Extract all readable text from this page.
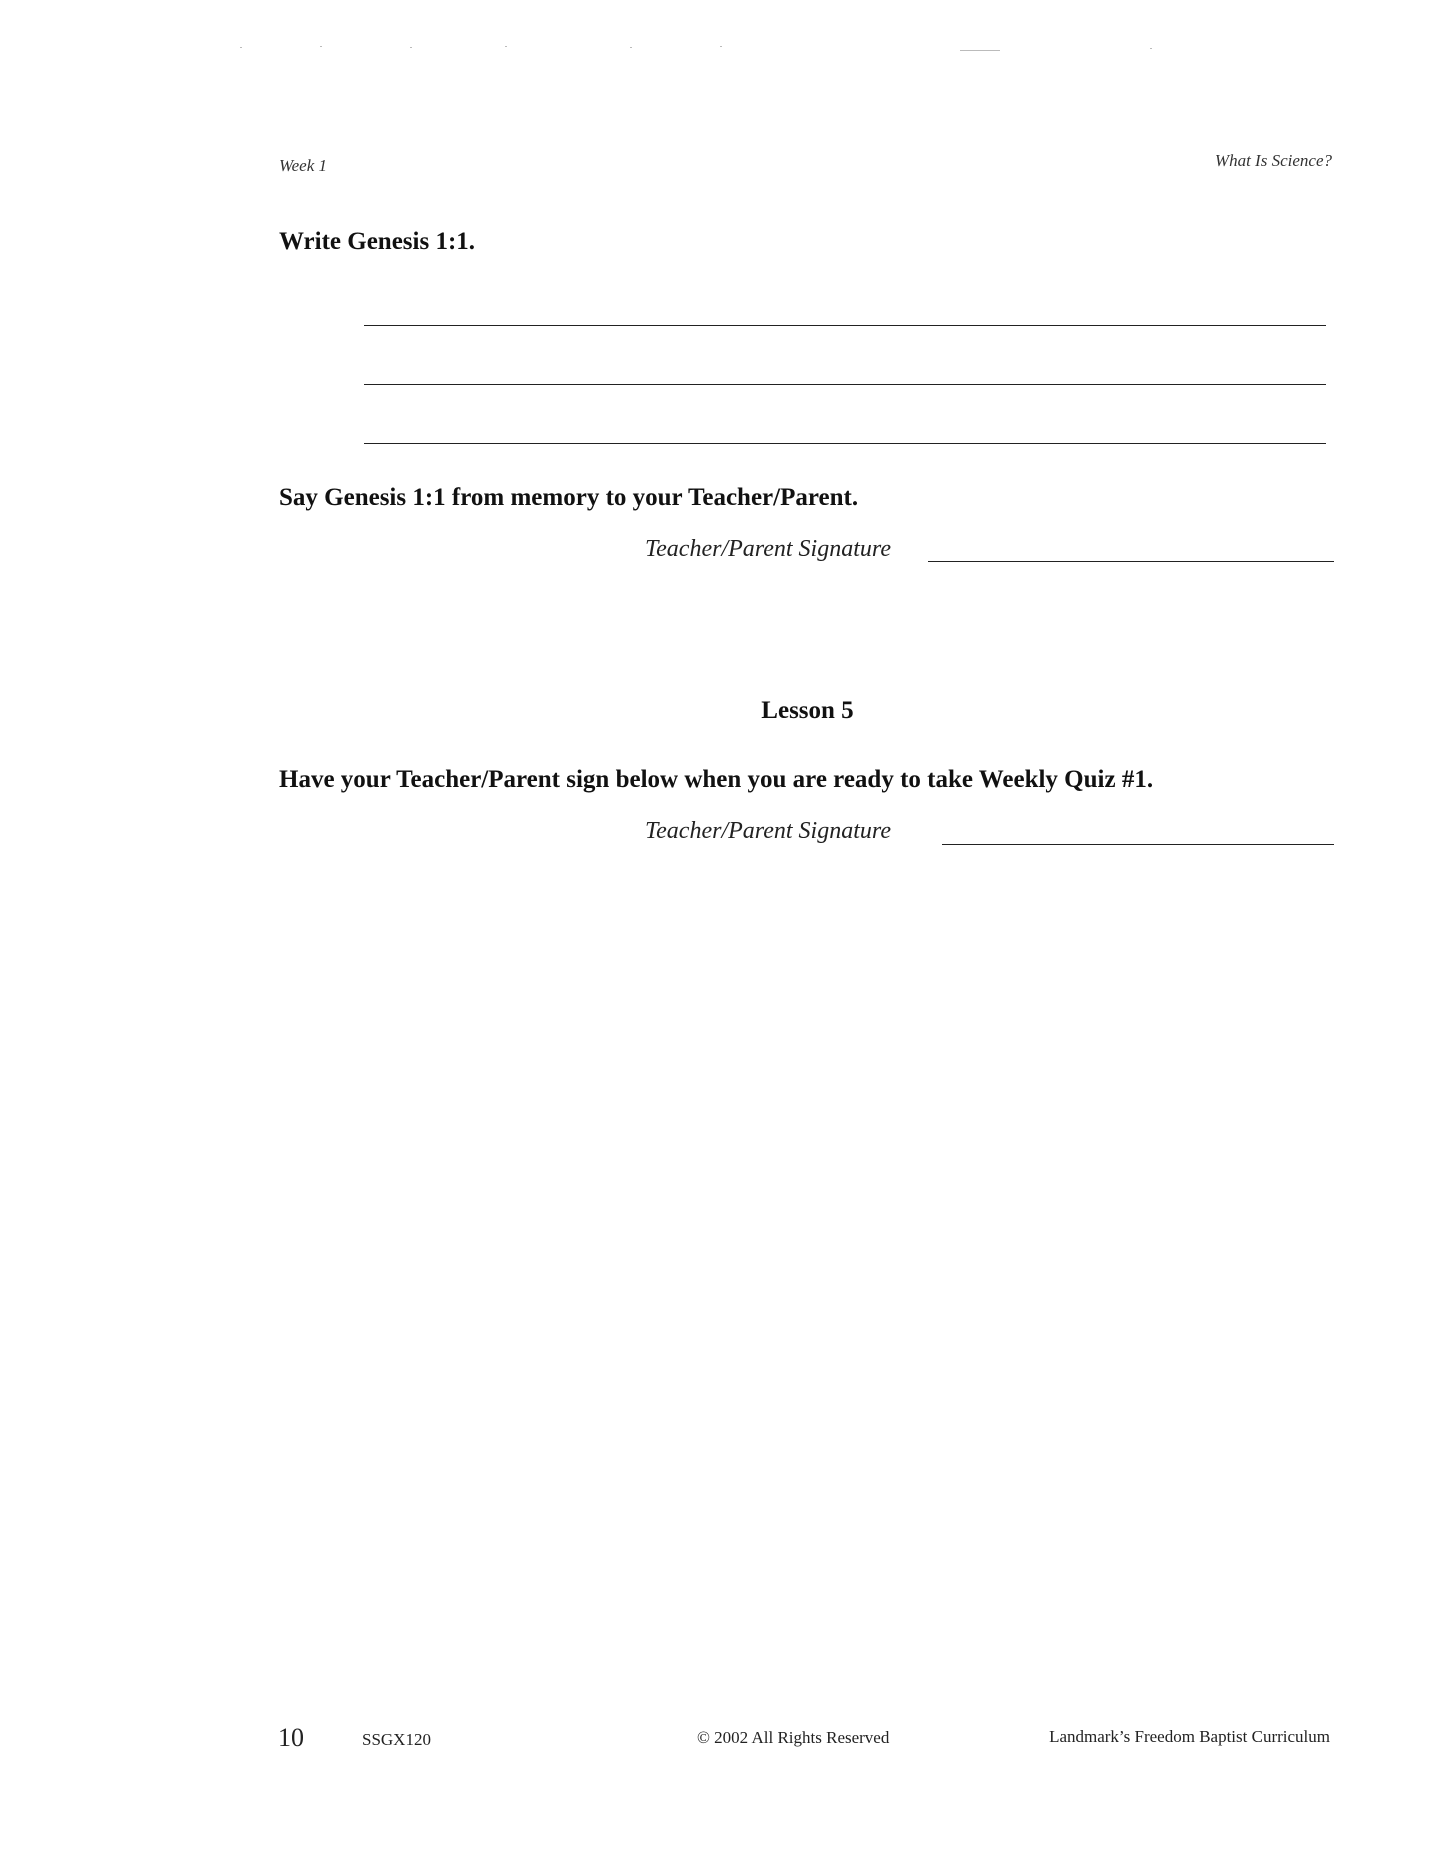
Week 1	What Is Science?
Write Genesis 1:1.
Say Genesis 1:1 from memory to your Teacher/Parent.
Teacher/Parent Signature
Lesson 5
Have your Teacher/Parent sign below when you are ready to take Weekly Quiz #1.
Teacher/Parent Signature
10	SSGX120	© 2002 All Rights Reserved	Landmark’s Freedom Baptist Curriculum
